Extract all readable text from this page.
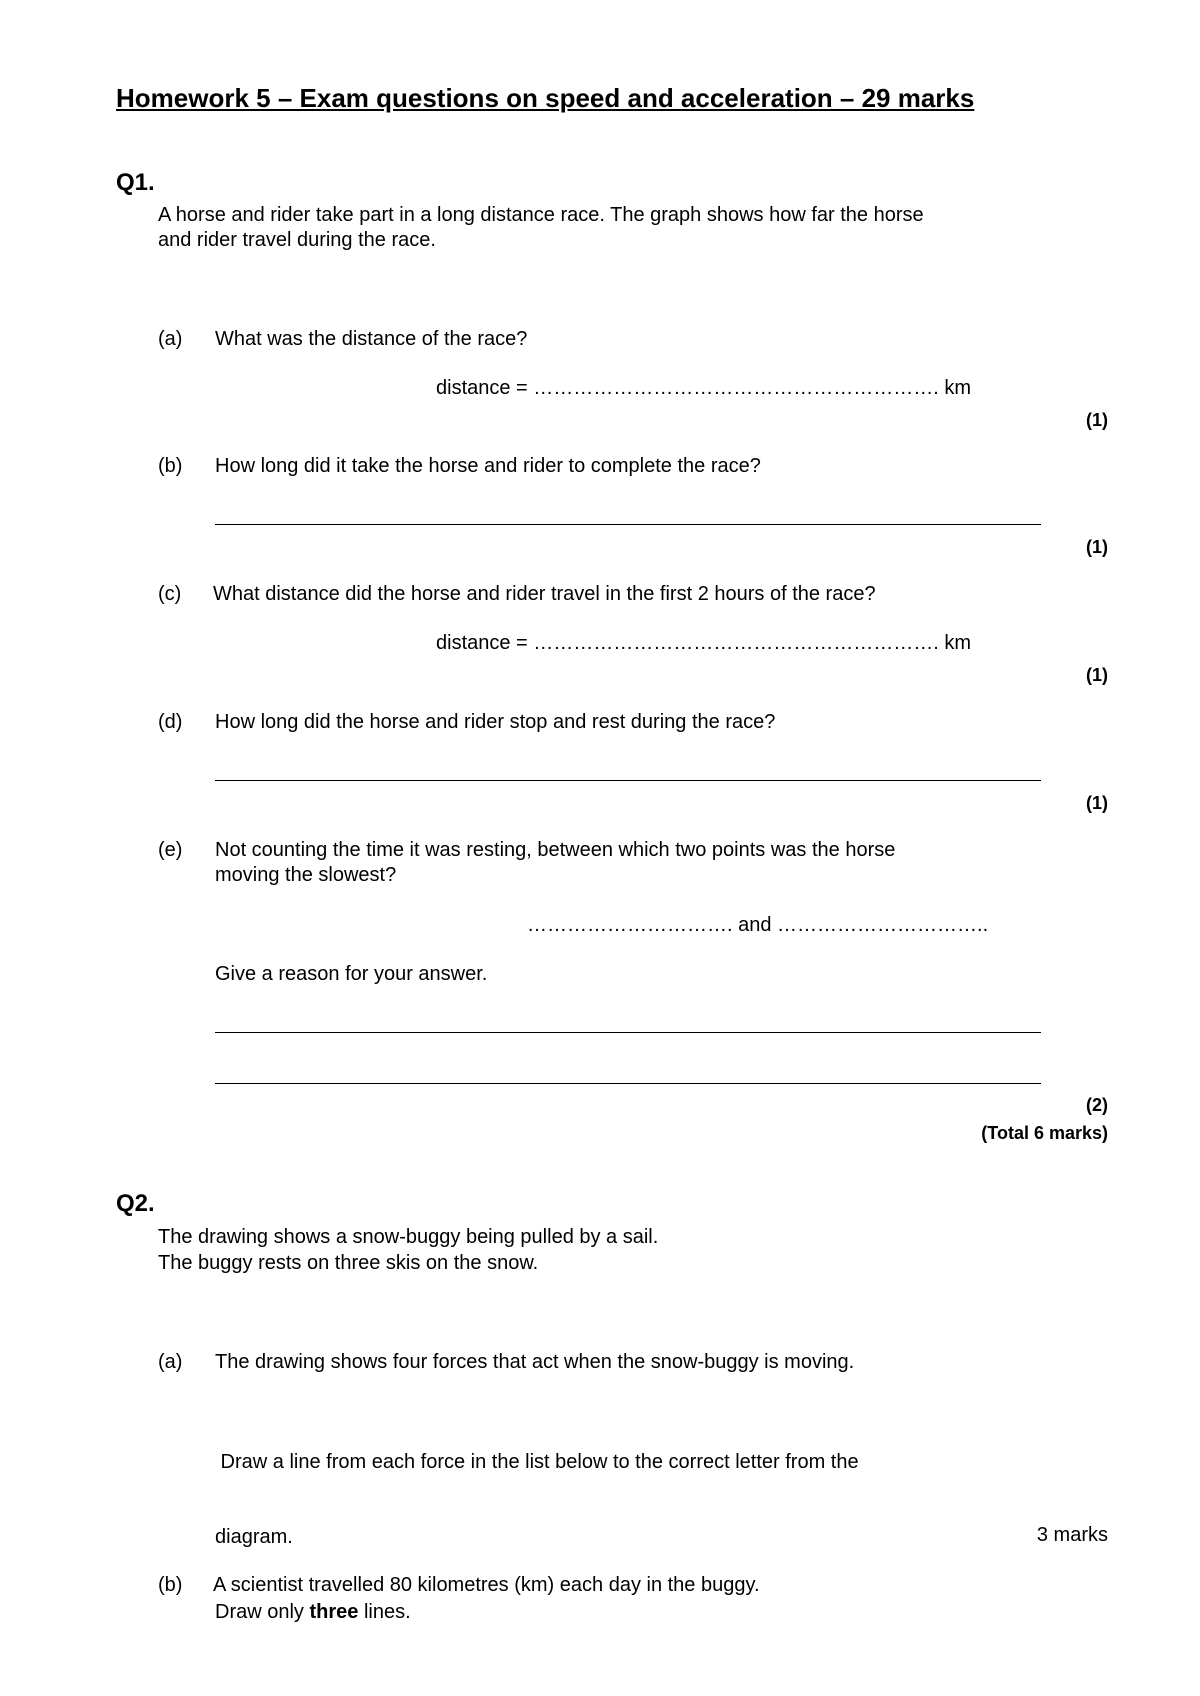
Homework 5 – Exam questions on speed and acceleration – 29 marks
Q1.
A horse and rider take part in a long distance race. The graph shows how far the horse
and rider travel during the race.
(a) What was the distance of the race?
distance = ……………………………………………………. km
(1)
(b) How long did it take the horse and rider to complete the race?
(1)
(c) What distance did the horse and rider travel in the first 2 hours of the race?
distance = ……………………………………………………. km
(1)
(d) How long did the horse and rider stop and rest during the race?
(1)
(e) Not counting the time it was resting, between which two points was the horse
moving the slowest?
…………………………. and …………………………..
Give a reason for your answer.
(2)
(Total 6 marks)
Q2.
The drawing shows a snow-buggy being pulled by a sail.
The buggy rests on three skis on the snow.
(a) The drawing shows four forces that act when the snow-buggy is moving.

Draw a line from each force in the list below to the correct letter from the

diagram.

Draw only three lines.

3 marks
(b) A scientist travelled 80 kilometres (km) each day in the buggy.
